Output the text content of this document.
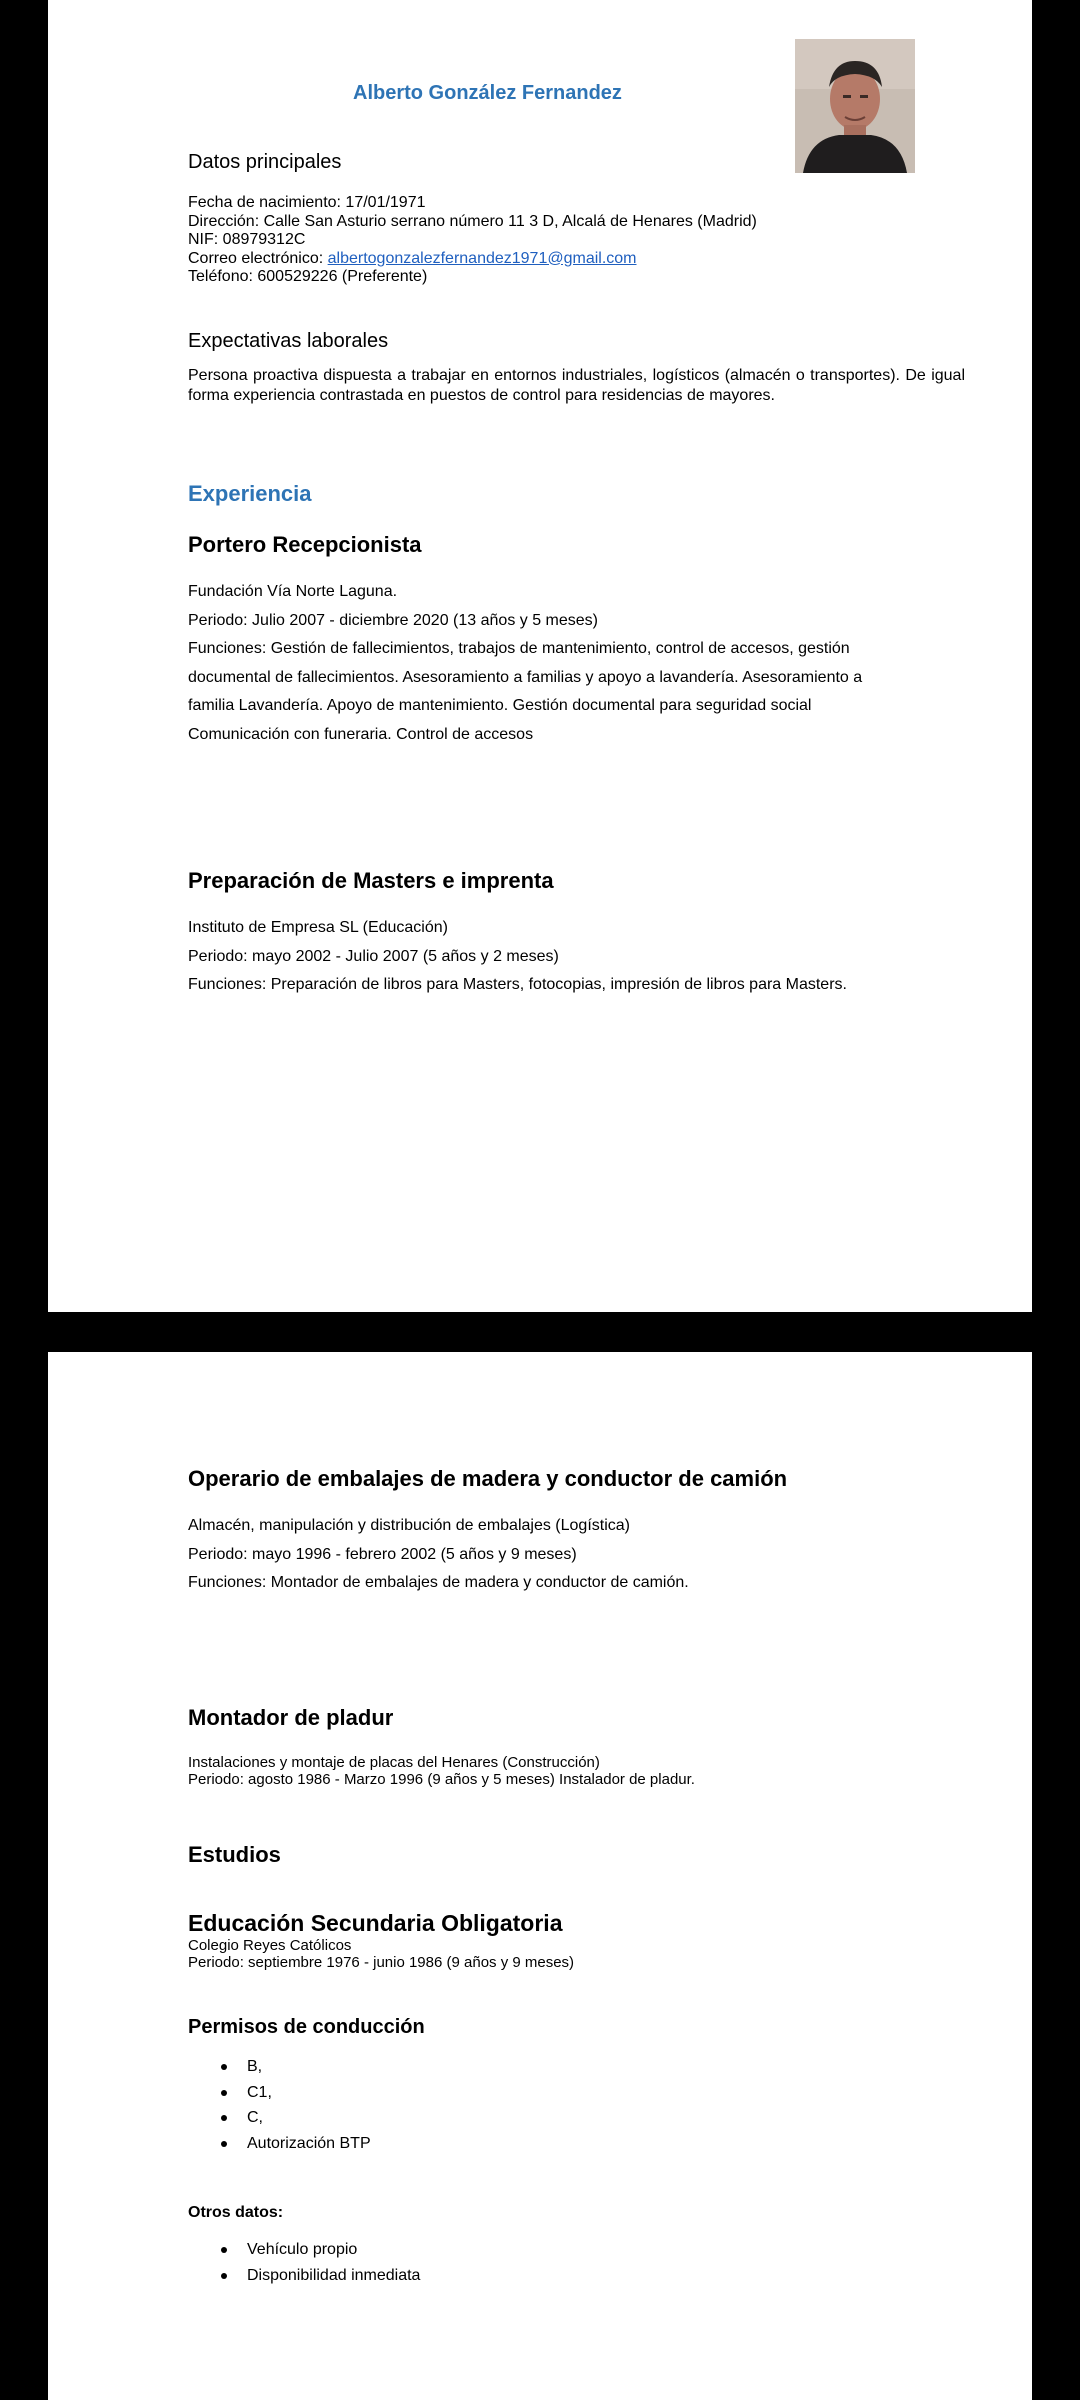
Alberto González Fernandez
Datos principales

Fecha de nacimiento: 17/01/1971

Dirección: Calle San Asturio serrano número 11 3 D, Alcalá de Henares (Madrid)

NIF: 08979312C

Correo electrónico: albertogonzalezfernandez1971@gmail.com

Teléfono: 600529226 (Preferente)

Expectativas laborales

Persona proactiva dispuesta a trabajar en entornos industriales, logísticos (almacén o transportes). De igual forma experiencia contrastada en puestos de control para residencias de mayores.

Experiencia
Portero Recepcionista

Fundación Vía Norte Laguna.

Periodo: Julio 2007 - diciembre 2020 (13 años y 5 meses)

Funciones: Gestión de fallecimientos, trabajos de mantenimiento, control de accesos, gestión

documental de fallecimientos. Asesoramiento a familias y apoyo a lavandería. Asesoramiento a

familia Lavandería. Apoyo de mantenimiento. Gestión documental para seguridad social

Comunicación con funeraria. Control de accesos

Preparación de Masters e imprenta

Instituto de Empresa SL (Educación)

Periodo: mayo 2002 - Julio 2007 (5 años y 2 meses)

Funciones: Preparación de libros para Masters, fotocopias, impresión de libros para Masters.

Operario de embalajes de madera y conductor de camión

Almacén, manipulación y distribución de embalajes (Logística)

Periodo: mayo 1996 - febrero 2002 (5 años y 9 meses)

Funciones: Montador de embalajes de madera y conductor de camión.

Montador de pladur

Instalaciones y montaje de placas del Henares (Construcción)

Periodo: agosto 1986 - Marzo 1996 (9 años y 5 meses) Instalador de pladur.

Estudios
Educación Secundaria Obligatoria

Colegio Reyes Católicos

Periodo: septiembre 1976 - junio 1986 (9 años y 9 meses)

Permisos de conducción
B,
C1,
C,
Autorización BTP
Otros datos:
Vehículo propio
Disponibilidad inmediata
